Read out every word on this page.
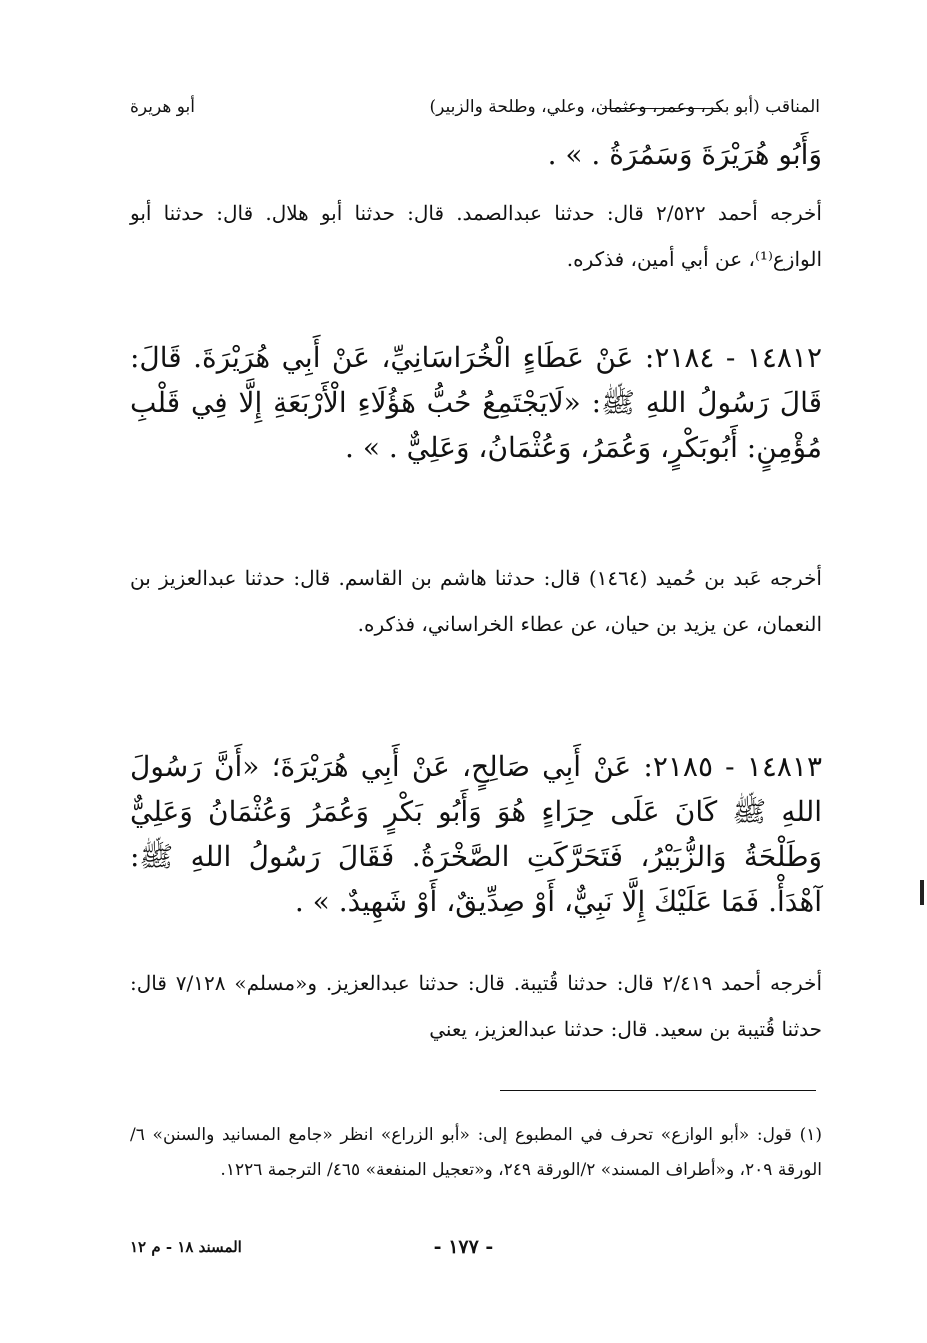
المناقب (أبو بكر، وعمر، وعثمان، وعلي، وطلحة والزبير)
أبو هريرة
وَأَبُو هُرَيْرَةَ وَسَمُرَةُ . » .
أخرجه أحمد ٢/٥٢٢ قال: حدثنا عبدالصمد. قال: حدثنا أبو هلال. قال: حدثنا أبو الوازع⁽¹⁾، عن أبي أمين، فذكره.
١٤٨١٢ - ٢١٨٤: عَنْ عَطَاءٍ الْخُرَاسَانِيِّ، عَنْ أَبِي هُرَيْرَةَ. قَالَ: قَالَ رَسُولُ اللهِ ﷺ: «لَايَجْتَمِعُ حُبُّ هَؤُلَاءِ الْأَرْبَعَةِ إِلَّا فِي قَلْبِ مُؤْمِنٍ: أَبُوبَكْرٍ، وَعُمَرُ، وَعُثْمَانُ، وَعَلِيٌّ . » .
أخرجه عَبد بن حُميد (١٤٦٤) قال: حدثنا هاشم بن القاسم. قال: حدثنا عبدالعزيز بن النعمان، عن يزيد بن حيان، عن عطاء الخراساني، فذكره.
١٤٨١٣ - ٢١٨٥: عَنْ أَبِي صَالِحٍ، عَنْ أَبِي هُرَيْرَةَ؛ «أَنَّ رَسُولَ اللهِ ﷺ كَانَ عَلَى حِرَاءٍ هُوَ وَأَبُو بَكْرٍ وَعُمَرُ وَعُثْمَانُ وَعَلِيٌّ وَطَلْحَةُ وَالزُّبَيْرُ، فَتَحَرَّكَتِ الصَّخْرَةُ. فَقَالَ رَسُولُ اللهِ ﷺ: آهْدَأْ. فَمَا عَلَيْكَ إِلَّا نَبِيٌّ، أَوْ صِدِّيقٌ، أَوْ شَهِيدٌ. » .
أخرجه أحمد ٢/٤١٩ قال: حدثنا قُتيبة. قال: حدثنا عبدالعزيز. و«مسلم» ٧/١٢٨ قال: حدثنا قُتيبة بن سعيد. قال: حدثنا عبدالعزيز، يعني
(١) قول: «أبو الوازع» تحرف في المطبوع إلى: «أبو الزراع» انظر «جامع المسانيد والسنن» ٦/الورقة ٢٠٩، و«أطراف المسند» ٢/الورقة ٢٤٩، و«تعجيل المنفعة» ٤٦٥/ الترجمة ١٢٢٦.
- ١٧٧ -
المسند ١٨ - م ١٢
